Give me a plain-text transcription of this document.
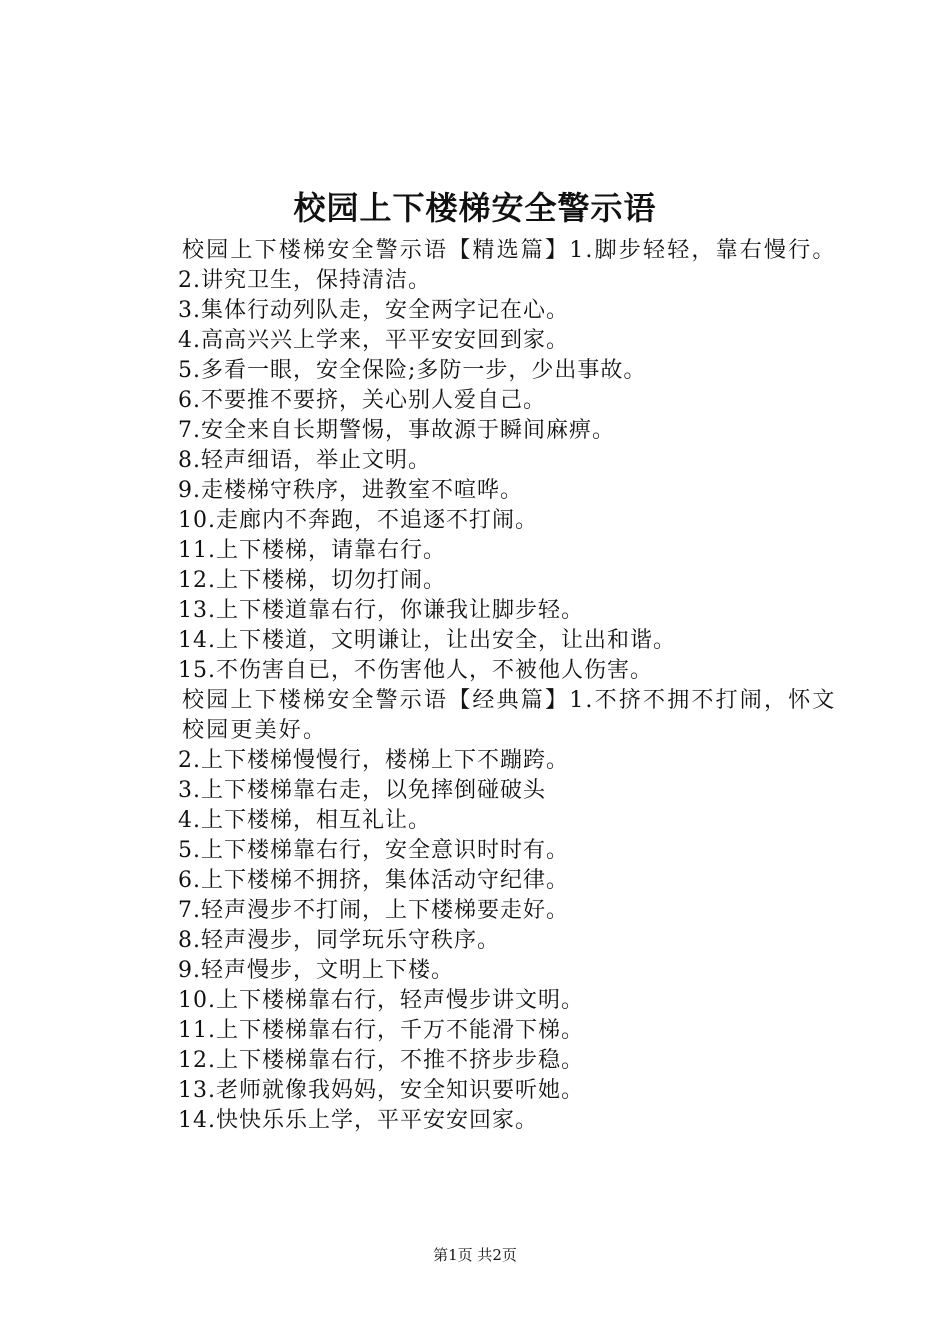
校园上下楼梯安全警示语

校园上下楼梯安全警示语【精选篇】1.脚步轻轻，靠右慢行。

2.讲究卫生，保持清洁。

3.集体行动列队走，安全两字记在心。

4.高高兴兴上学来，平平安安回到家。

5.多看一眼，安全保险;多防一步，少出事故。

6.不要推不要挤，关心别人爱自己。

7.安全来自长期警惕，事故源于瞬间麻痹。

8.轻声细语，举止文明。

9.走楼梯守秩序，进教室不喧哗。

10.走廊内不奔跑，不追逐不打闹。

11.上下楼梯，请靠右行。

12.上下楼梯，切勿打闹。

13.上下楼道靠右行，你谦我让脚步轻。

14.上下楼道，文明谦让，让出安全，让出和谐。

15.不伤害自已，不伤害他人，不被他人伤害。

校园上下楼梯安全警示语【经典篇】1.不挤不拥不打闹，怀文校园更美好。

2.上下楼梯慢慢行，楼梯上下不蹦跨。

3.上下楼梯靠右走，以免摔倒碰破头

4.上下楼梯，相互礼让。

5.上下楼梯靠右行，安全意识时时有。

6.上下楼梯不拥挤，集体活动守纪律。

7.轻声漫步不打闹，上下楼梯要走好。

8.轻声漫步，同学玩乐守秩序。

9.轻声慢步，文明上下楼。

10.上下楼梯靠右行，轻声慢步讲文明。

11.上下楼梯靠右行，千万不能滑下梯。

12.上下楼梯靠右行，不推不挤步步稳。

13.老师就像我妈妈，安全知识要听她。

14.快快乐乐上学，平平安安回家。

第1页 共2页
